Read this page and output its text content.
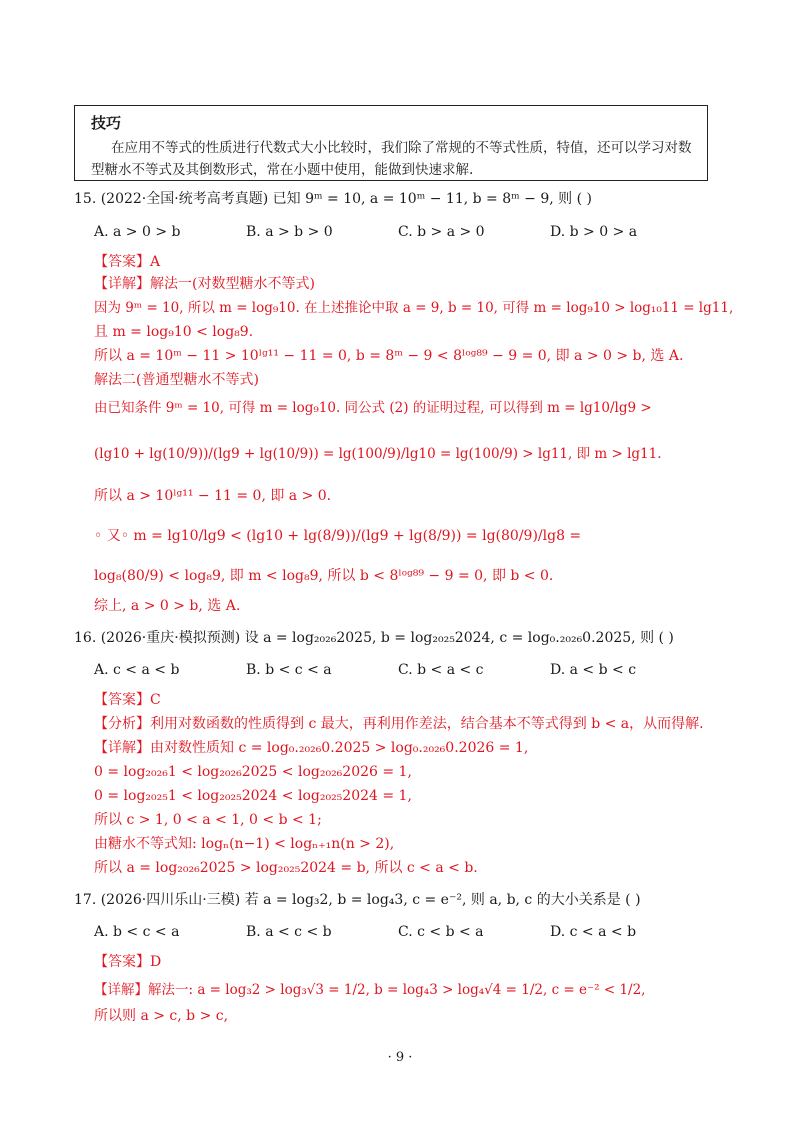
技巧
在应用不等式的性质进行代数式大小比较时，我们除了常规的不等式性质，特值，还可以学习对数
型糖水不等式及其倒数形式，常在小题中使用，能做到快速求解.
15. (2022·全国·统考高考真题) 已知 9ᵐ = 10, a = 10ᵐ − 11, b = 8ᵐ − 9, 则 ( )
A. a > 0 > b	B. a > b > 0	C. b > a > 0	D. b > 0 > a
【答案】A
【详解】解法一(对数型糖水不等式)
因为 9ᵐ = 10, 所以 m = log₉10. 在上述推论中取 a = 9, b = 10, 可得 m = log₉10 > log₁₀11 = lg11,
且 m = log₉10 < log₈9.
所以 a = 10ᵐ − 11 > 10ˡᵍ¹¹ − 11 = 0, b = 8ᵐ − 9 < 8ˡᵒᵍ⁸⁹ − 9 = 0, 即 a > 0 > b, 选 A.
解法二(普通型糖水不等式)
由已知条件 9ᵐ = 10, 可得 m = log₉10. 同公式 (2) 的证明过程, 可以得到 m = lg10/lg9 >
(lg10 + lg(10/9))/(lg9 + lg(10/9)) = lg(100/9)/lg10 = lg(100/9) > lg11, 即 m > lg11.
所以 a > 10ˡᵍ¹¹ − 11 = 0, 即 a > 0.
◦ 又◦ m = lg10/lg9 < (lg10 + lg(8/9))/(lg9 + lg(8/9)) = lg(80/9)/lg8 =
log₈(80/9) < log₈9, 即 m < log₈9, 所以 b < 8ˡᵒᵍ⁸⁹ − 9 = 0, 即 b < 0.
综上, a > 0 > b, 选 A.
16. (2026·重庆·模拟预测) 设 a = log₂₀₂₆2025, b = log₂₀₂₅2024, c = log₀.₂₀₂₆0.2025, 则 ( )
A. c < a < b	B. b < c < a	C. b < a < c	D. a < b < c
【答案】C
【分析】利用对数函数的性质得到 c 最大，再利用作差法，结合基本不等式得到 b < a，从而得解.
【详解】由对数性质知 c = log₀.₂₀₂₆0.2025 > log₀.₂₀₂₆0.2026 = 1,
0 = log₂₀₂₆1 < log₂₀₂₆2025 < log₂₀₂₆2026 = 1,
0 = log₂₀₂₅1 < log₂₀₂₅2024 < log₂₀₂₅2024 = 1,
所以 c > 1, 0 < a < 1, 0 < b < 1;
由糖水不等式知: logₙ(n−1) < logₙ₊₁n(n > 2),
所以 a = log₂₀₂₆2025 > log₂₀₂₅2024 = b, 所以 c < a < b.
17. (2026·四川乐山·三模) 若 a = log₃2, b = log₄3, c = e⁻², 则 a, b, c 的大小关系是 ( )
A. b < c < a	B. a < c < b	C. c < b < a	D. c < a < b
【答案】D
【详解】解法一: a = log₃2 > log₃√3 = 1/2, b = log₄3 > log₄√4 = 1/2, c = e⁻² < 1/2,
所以则 a > c, b > c,
· 9 ·
